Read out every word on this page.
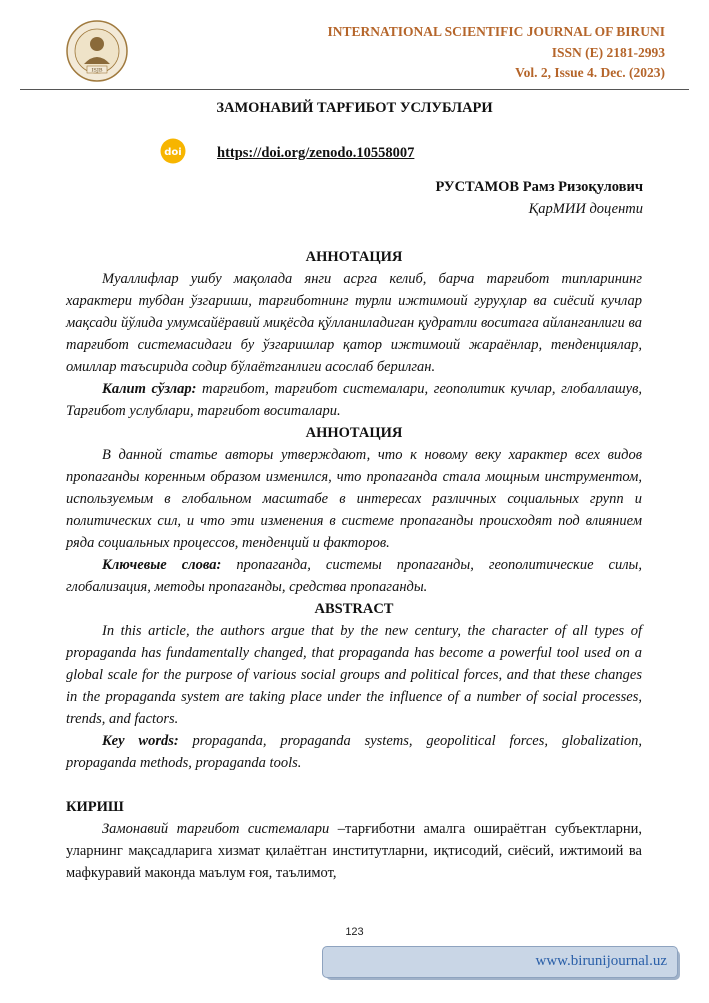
ISJB
INTERNATIONAL SCIENTIFIC JOURNAL OF BIRUNI
ISSN (E) 2181-2993
Vol. 2, Issue 4. Dec. (2023)
ЗАМОНАВИЙ ТАРҒИБОТ УСЛУБЛАРИ
doi https://doi.org/zenodo.10558007
РУСТАМОВ Рамз Ризоқулович
ҚарМИИ доценти

АННОТАЦИЯ

Муаллифлар ушбу мақолада янги асрга келиб, барча тарғибот типларининг характери тубдан ўзгариши, тарғиботнинг турли ижтимоий гуруҳлар ва сиёсий кучлар мақсади йўлида умумсайёравий миқёсда қўлланиладиган қудратли воситага айланганлиги ва тарғибот системасидаги бу ўзгаришлар қатор ижтимоий жараёнлар, тенденциялар, омиллар таъсирида содир бўлаётганлиги асослаб берилган.

Калит сўзлар: тарғибот, тарғибот системалари, геополитик кучлар, глобаллашув, Тарғибот услублари, тарғибот воситалари.

АННОТАЦИЯ

В данной статье авторы утверждают, что к новому веку характер всех видов пропаганды коренным образом изменился, что пропаганда стала мощным инструментом, используемым в глобальном масштабе в интересах различных социальных групп и политических сил, и что эти изменения в системе пропаганды происходят под влиянием ряда социальных процессов, тенденций и факторов.

Ключевые слова: пропаганда, системы пропаганды, геополитические силы, глобализация, методы пропаганды, средства пропаганды.

ABSTRACT

In this article, the authors argue that by the new century, the character of all types of propaganda has fundamentally changed, that propaganda has become a powerful tool used on a global scale for the purpose of various social groups and political forces, and that these changes in the propaganda system are taking place under the influence of a number of social processes, trends, and factors.

Key words: propaganda, propaganda systems, geopolitical forces, globalization, propaganda methods, propaganda tools.

КИРИШ

Замонавий тарғибот системалари –тарғиботни амалга ошираётган субъектларни, уларнинг мақсадларига хизмат қилаётган институтларни, иқтисодий, сиёсий, ижтимоий ва мафкуравий маконда маълум ғоя, таълимот,

123
www.birunijournal.uz
